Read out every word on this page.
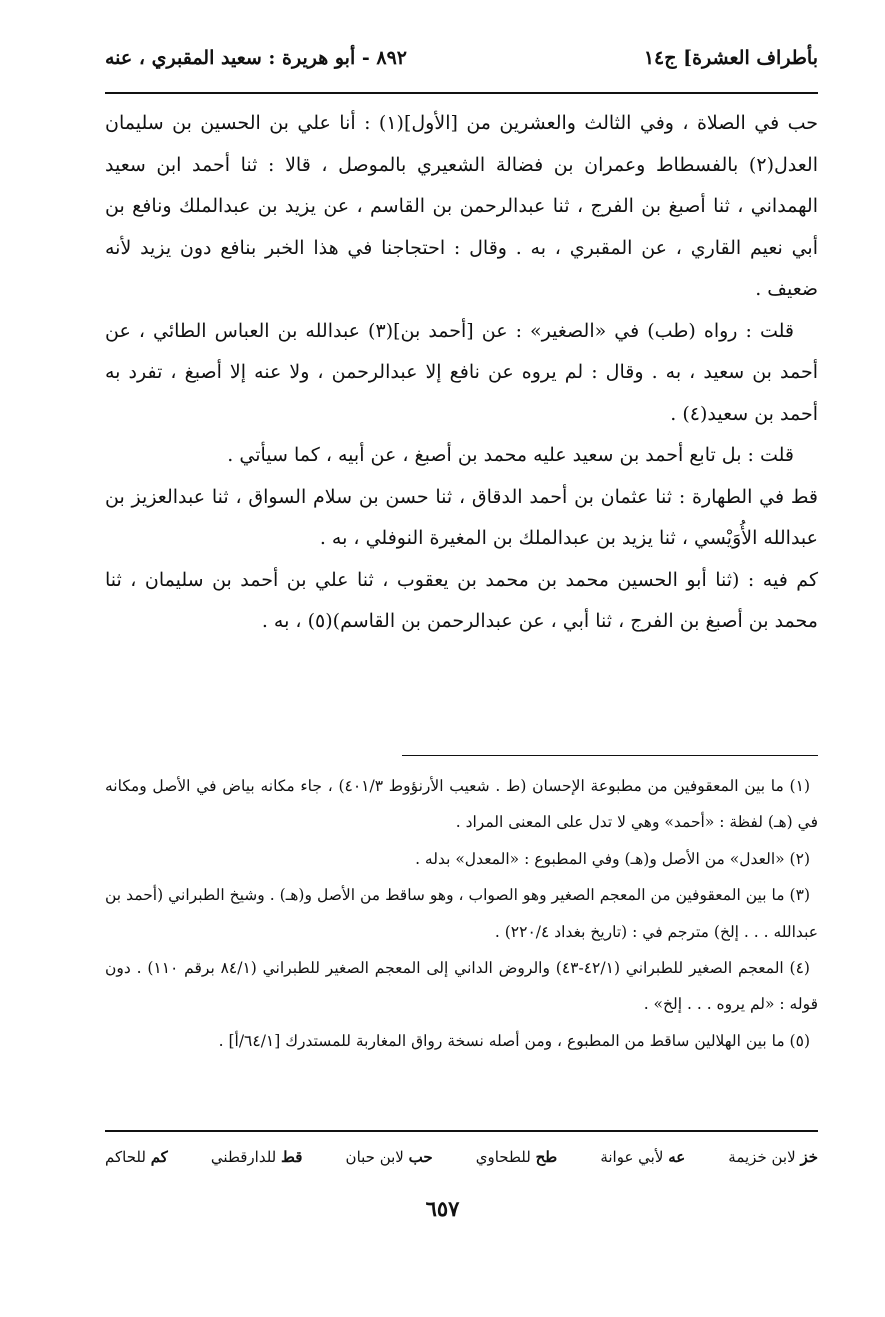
بأطراف العشرة] ج١٤
٨٩٢ - أبو هريرة : سعيد المقبري ، عنه

حب في الصلاة ، وفي الثالث والعشرين من [الأول](١) : أنا علي بن الحسين بن سليمان العدل(٢) بالفسطاط وعمران بن فضالة الشعيري بالموصل ، قالا : ثنا أحمد ابن سعيد الهمداني ، ثنا أصبغ بن الفرج ، ثنا عبدالرحمن بن القاسم ، عن يزيد بن عبدالملك ونافع بن أبي نعيم القاري ، عن المقبري ، به . وقال : احتجاجنا في هذا الخبر بنافع دون يزيد لأنه ضعيف .

قلت : رواه (طب) في «الصغير» : عن [أحمد بن](٣) عبدالله بن العباس الطائي ، عن أحمد بن سعيد ، به . وقال : لم يروه عن نافع إلا عبدالرحمن ، ولا عنه إلا أصبغ ، تفرد به أحمد بن سعيد(٤) .

قلت : بل تابع أحمد بن سعيد عليه محمد بن أصبغ ، عن أبيه ، كما سيأتي .

قط في الطهارة : ثنا عثمان بن أحمد الدقاق ، ثنا حسن بن سلام السواق ، ثنا عبدالعزيز بن عبدالله الأُوَيْسي ، ثنا يزيد بن عبدالملك بن المغيرة النوفلي ، به .

كم فيه : (ثنا أبو الحسين محمد بن محمد بن يعقوب ، ثنا علي بن أحمد بن سليمان ، ثنا محمد بن أصبغ بن الفرج ، ثنا أبي ، عن عبدالرحمن بن القاسم)(٥) ، به .

(١) ما بين المعقوفين من مطبوعة الإحسان (ط . شعيب الأرنؤوط ٤٠١/٣) ، جاء مكانه بياض في الأصل ومكانه في (هـ) لفظة : «أحمد» وهي لا تدل على المعنى المراد .

(٢) «العدل» من الأصل و(هـ) وفي المطبوع : «المعدل» بدله .

(٣) ما بين المعقوفين من المعجم الصغير وهو الصواب ، وهو ساقط من الأصل و(هـ) . وشيخ الطبراني (أحمد بن عبدالله . . . إلخ) مترجم في : (تاريخ بغداد ٢٢٠/٤) .

(٤) المعجم الصغير للطبراني (٤٢/١-٤٣) والروض الداني إلى المعجم الصغير للطبراني (٨٤/١ برقم ١١٠) . دون قوله : «لم يروه . . . إلخ» .

(٥) ما بين الهلالين ساقط من المطبوع ، ومن أصله نسخة رواق المغاربة للمستدرك [٦٤/١/أ] .

خز لابن خزيمة
عه لأبي عوانة
طح للطحاوي
حب لابن حبان
قط للدارقطني
كم للحاكم
٦٥٧
